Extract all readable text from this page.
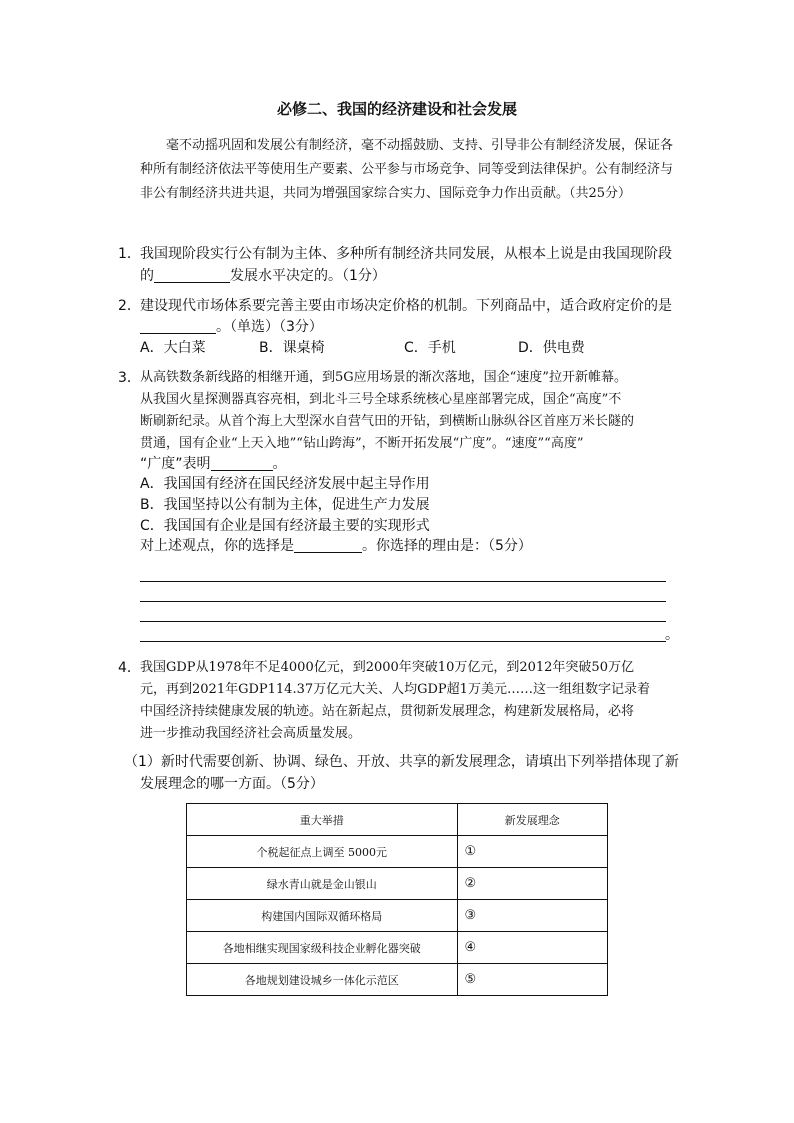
必修二、我国的经济建设和社会发展
毫不动摇巩固和发展公有制经济，毫不动摇鼓励、支持、引导非公有制经济发展，保证各种所有制经济依法平等使用生产要素、公平参与市场竞争、同等受到法律保护。公有制经济与非公有制经济共进共退，共同为增强国家综合实力、国际竞争力作出贡献。（共25分）
1． 我国现阶段实行公有制为主体、多种所有制经济共同发展，从根本上说是由我国现阶段
的	发展水平决定的。（1分）
2． 建设现代市场体系要完善主要由市场决定价格的机制。下列商品中，适合政府定价的是
。（单选）（3分）
A．大白菜	B．课桌椅	C．手机	D．供电费
3． 从高铁数条新线路的相继开通，到5G应用场景的渐次落地，国企“速度”拉开新帷幕。
从我国火星探测器真容亮相，到北斗三号全球系统核心星座部署完成，国企“高度”不
断刷新纪录。从首个海上大型深水自营气田的开钻，到横断山脉纵谷区首座万米长隧的
贯通，国有企业“上天入地”“钻山跨海”，不断开拓发展“广度”。“速度”“高度”
“广度”表明	。
A．我国国有经济在国民经济发展中起主导作用
B．我国坚持以公有制为主体，促进生产力发展
C．我国国有企业是国有经济最主要的实现形式
对上述观点，你的选择是	。你选择的理由是：（5分）
。
4． 我国GDP从1978年不足4000亿元，到2000年突破10万亿元，到2012年突破50万亿
元，再到2021年GDP114.37万亿元大关、人均GDP超1万美元……这一组组数字记录着
中国经济持续健康发展的轨迹。站在新起点，贯彻新发展理念，构建新发展格局，必将
进一步推动我国经济社会高质量发展。
（1）新时代需要创新、协调、绿色、开放、共享的新发展理念，请填出下列举措体现了新
发展理念的哪一方面。（5分）
重大举措	新发展理念
个税起征点上调至 5000元	①
绿水青山就是金山银山	②
构建国内国际双循环格局	③
各地相继实现国家级科技企业孵化器突破	④
各地规划建设城乡一体化示范区	⑤
